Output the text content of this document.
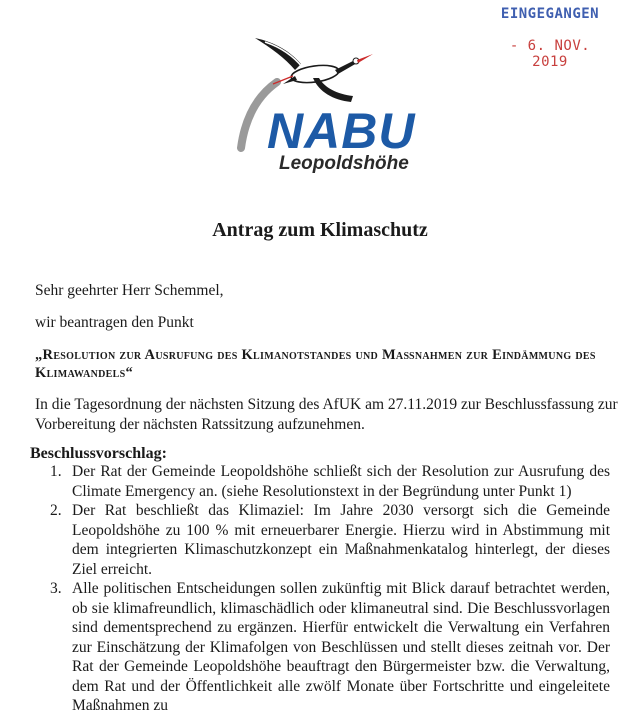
EINGEGANGEN
- 6. NOV. 2019
NABU
Leopoldshöhe
Antrag zum Klimaschutz

Sehr geehrter Herr Schemmel,

wir beantragen den Punkt

„Resolution zur Ausrufung des Klimanotstandes und Maßnahmen zur Eindämmung des Klimawandels“

In die Tagesordnung der nächsten Sitzung des AfUK am 27.11.2019 zur Beschlussfassung zur Vorbereitung der nächsten Ratssitzung aufzunehmen.

Beschlussvorschlag:

1. Der Rat der Gemeinde Leopoldshöhe schließt sich der Resolution zur Ausrufung des Climate Emergency an. (siehe Resolutionstext in der Begründung unter Punkt 1)
2. Der Rat beschließt das Klimaziel: Im Jahre 2030 versorgt sich die Gemeinde Leopoldshöhe zu 100 % mit erneuerbarer Energie. Hierzu wird in Abstimmung mit dem integrierten Klimaschutzkonzept ein Maßnahmenkatalog hinterlegt, der dieses Ziel erreicht.
3. Alle politischen Entscheidungen sollen zukünftig mit Blick darauf betrachtet werden, ob sie klimafreundlich, klimaschädlich oder klimaneutral sind. Die Beschlussvorlagen sind dementsprechend zu ergänzen. Hierfür entwickelt die Verwaltung ein Verfahren zur Einschätzung der Klimafolgen von Beschlüssen und stellt dieses zeitnah vor. Der Rat der Gemeinde Leopoldshöhe beauftragt den Bürgermeister bzw. die Verwaltung, dem Rat und der Öffentlichkeit alle zwölf Monate über Fortschritte und eingeleitete Maßnahmen zu
